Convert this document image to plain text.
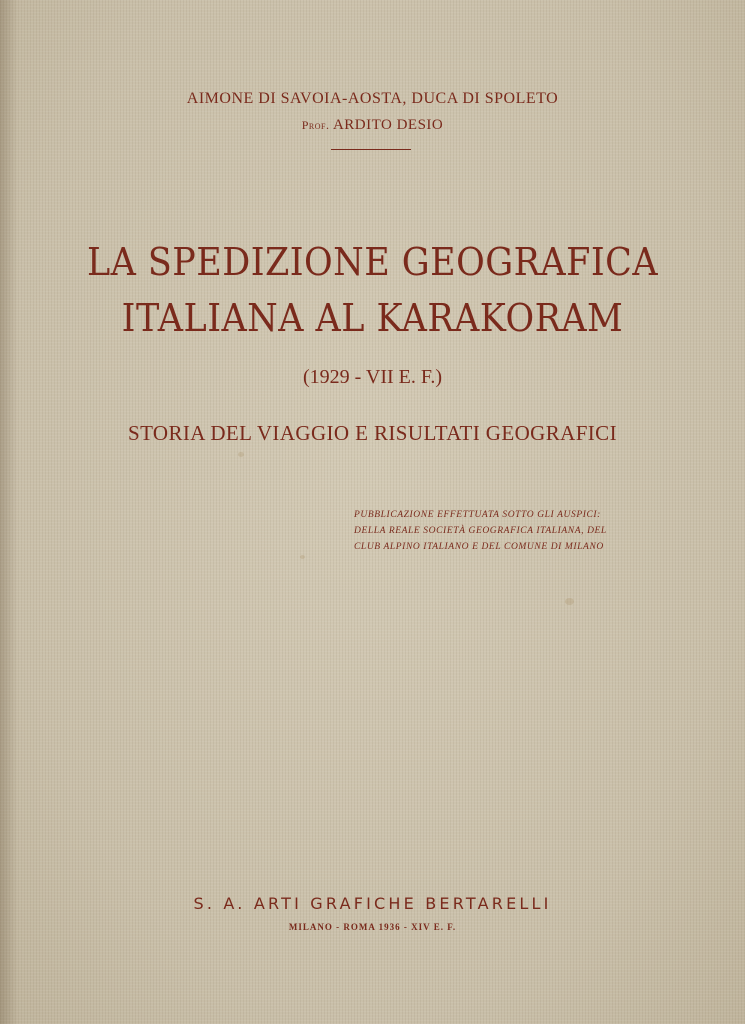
AIMONE DI SAVOIA-AOSTA, DUCA DI SPOLETO
Prof. ARDITO DESIO
LA SPEDIZIONE GEOGRAFICA
ITALIANA AL KARAKORAM
(1929 - VII E. F.)
STORIA DEL VIAGGIO E RISULTATI GEOGRAFICI
PUBBLICAZIONE EFFETTUATA SOTTO GLI AUSPICI:
DELLA REALE SOCIETÀ GEOGRAFICA ITALIANA, DEL
CLUB ALPINO ITALIANO E DEL COMUNE DI MILANO
S. A. ARTI GRAFICHE BERTARELLI
MILANO - ROMA 1936 - XIV E. F.
